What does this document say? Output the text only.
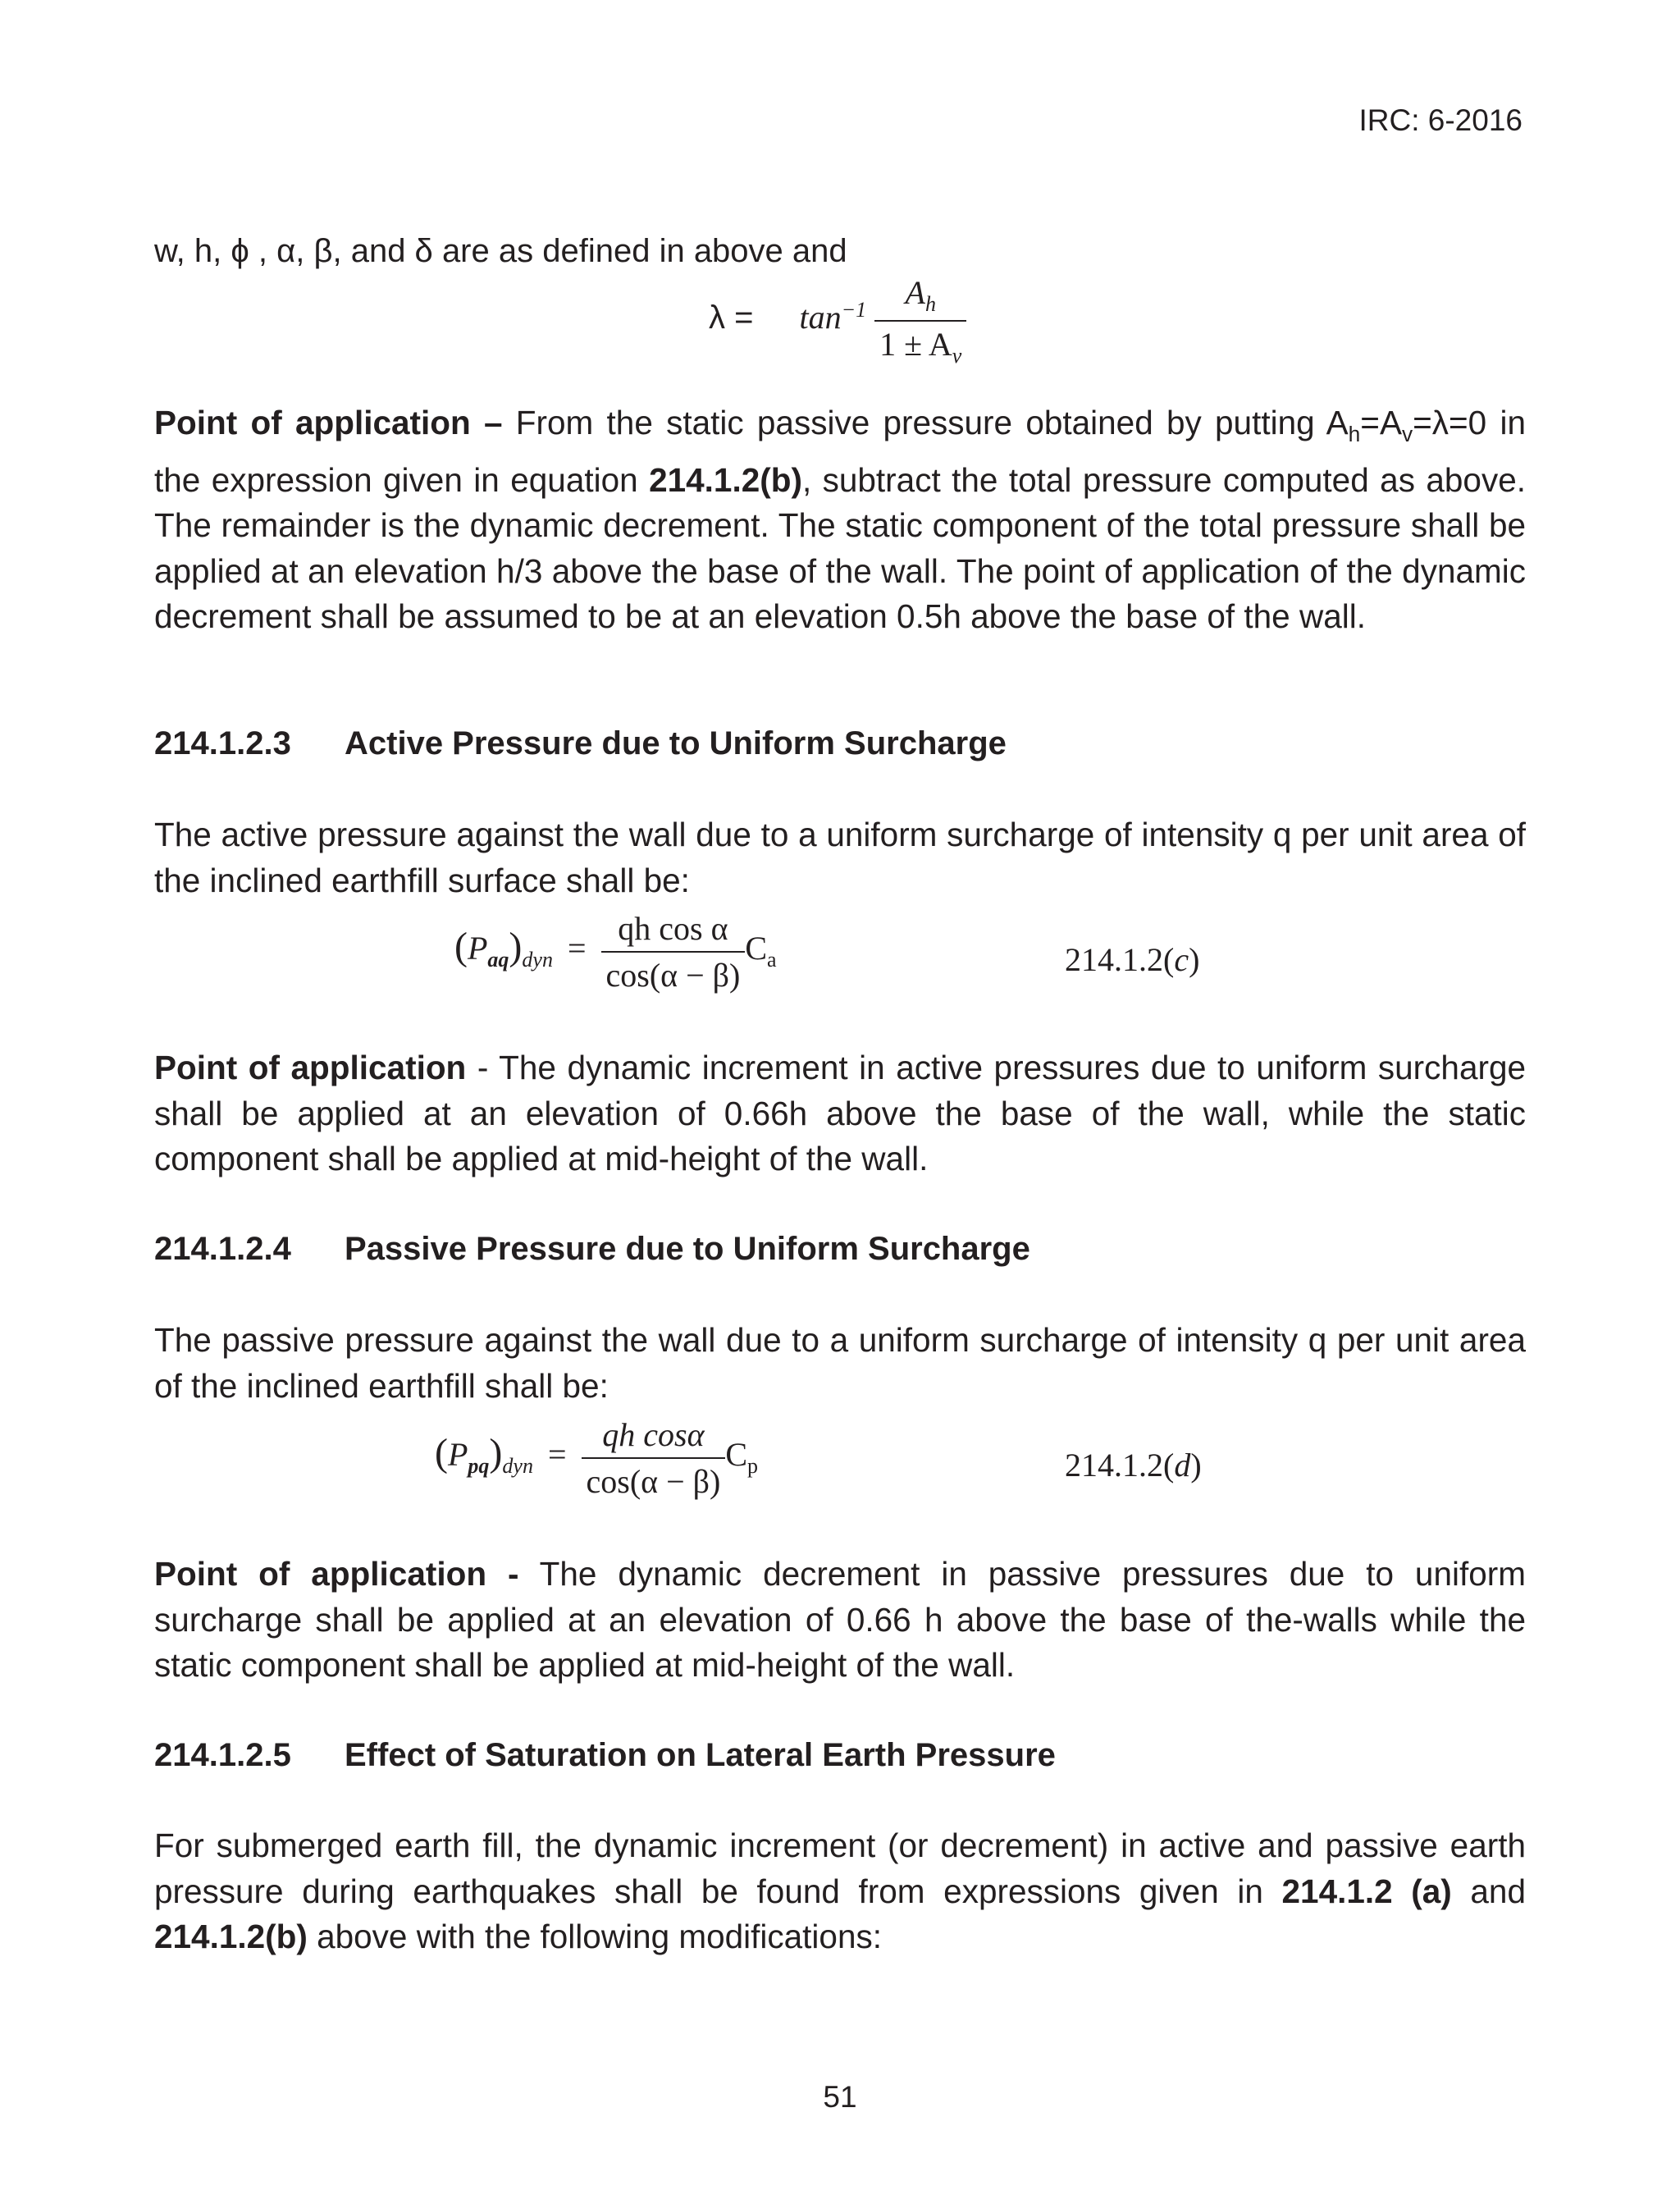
IRC: 6-2016
w, h, ϕ , α, β, and δ are as defined in above and
$\lambda = \tan^{-1} \frac{A_h}{1 \pm A_v}$

Point of application – From the static passive pressure obtained by putting $A_h=A_v=\lambda=0$ in the expression given in equation 214.1.2(b), subtract the total pressure computed as above. The remainder is the dynamic decrement. The static component of the total pressure shall be applied at an elevation h/3 above the base of the wall. The point of application of the dynamic decrement shall be assumed to be at an elevation 0.5h above the base of the wall.

214.1.2.3 Active Pressure due to Uniform Surcharge

The active pressure against the wall due to a uniform surcharge of intensity q per unit area of the inclined earthfill surface shall be:

$(P_{aq})_{dyn} = \frac{\text{qh cos α}}{\cos(\alpha - \beta)} C_a$	214.1.2(c)

Point of application - The dynamic increment in active pressures due to uniform surcharge shall be applied at an elevation of 0.66h above the base of the wall, while the static component shall be applied at mid-height of the wall.

214.1.2.4 Passive Pressure due to Uniform Surcharge

The passive pressure against the wall due to a uniform surcharge of intensity q per unit area of the inclined earthfill shall be:

$(P_{pq})_{dyn} = \frac{\text{qh cosα}}{\cos(\alpha - \beta)} C_p$	214.1.2(d)

Point of application - The dynamic decrement in passive pressures due to uniform surcharge shall be applied at an elevation of 0.66 h above the base of the-walls while the static component shall be applied at mid-height of the wall.

214.1.2.5 Effect of Saturation on Lateral Earth Pressure

For submerged earth fill, the dynamic increment (or decrement) in active and passive earth pressure during earthquakes shall be found from expressions given in 214.1.2 (a) and 214.1.2(b) above with the following modifications:

51
